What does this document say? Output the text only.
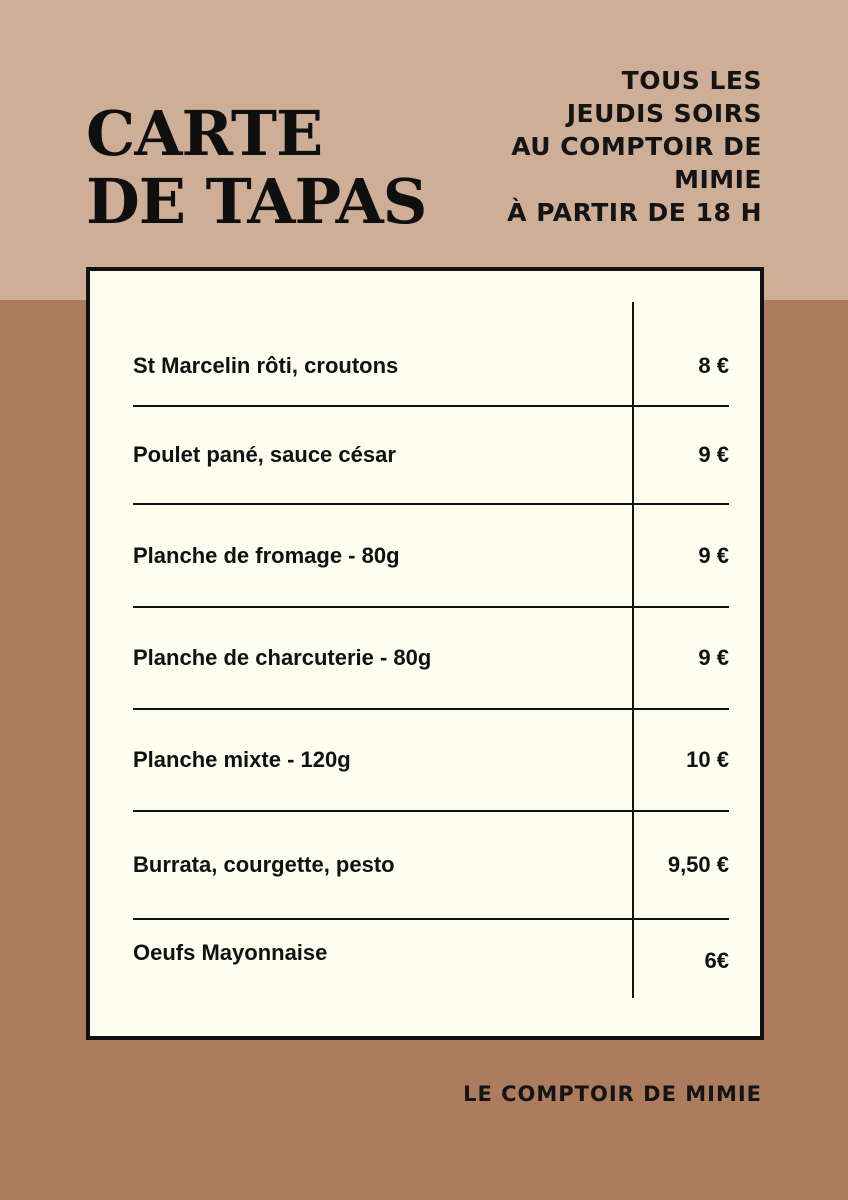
CARTE
DE TAPAS
TOUS LES
JEUDIS SOIRS
AU COMPTOIR DE
MIMIE
À PARTIR DE 18 H
St Marcelin rôti, croutons	8 €
Poulet pané, sauce césar	9 €
Planche de fromage - 80g	9 €
Planche de charcuterie - 80g	9 €
Planche mixte - 120g	10 €
Burrata, courgette, pesto	9,50 €
Oeufs Mayonnaise	6€
LE COMPTOIR DE MIMIE
